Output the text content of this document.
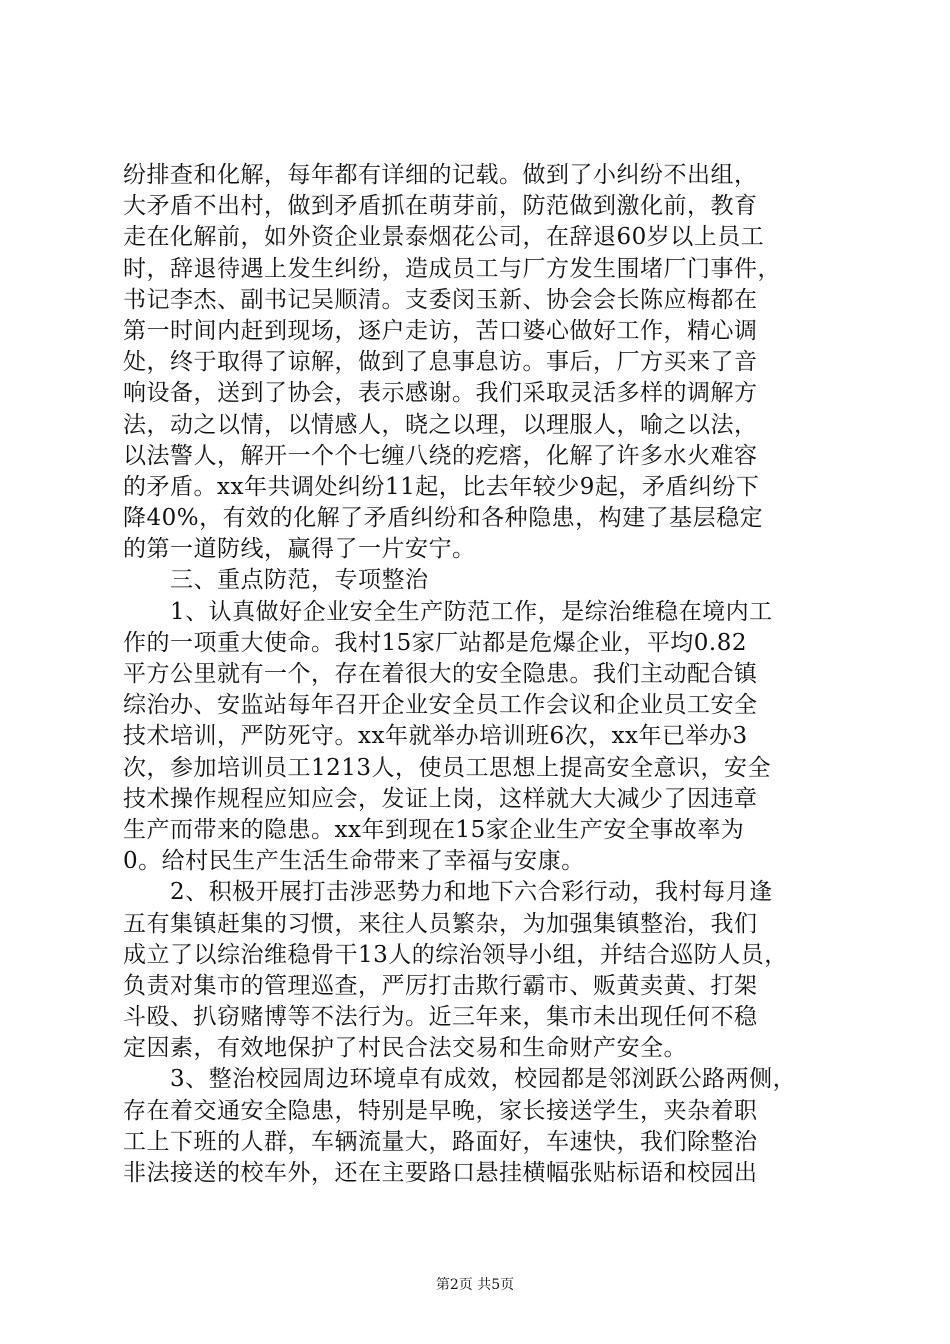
纷排查和化解，每年都有详细的记载。做到了小纠纷不出组，
大矛盾不出村，做到矛盾抓在萌芽前，防范做到激化前，教育
走在化解前，如外资企业景泰烟花公司，在辞退60岁以上员工
时，辞退待遇上发生纠纷，造成员工与厂方发生围堵厂门事件，
书记李杰、副书记吴顺清。支委闵玉新、协会会长陈应梅都在
第一时间内赶到现场，逐户走访，苦口婆心做好工作，精心调
处，终于取得了谅解，做到了息事息访。事后，厂方买来了音
响设备，送到了协会，表示感谢。我们采取灵活多样的调解方
法，动之以情，以情感人，晓之以理，以理服人，喻之以法，
以法警人，解开一个个七缠八绕的疙瘩，化解了许多水火难容
的矛盾。xx年共调处纠纷11起，比去年较少9起，矛盾纠纷下
降40%，有效的化解了矛盾纠纷和各种隐患，构建了基层稳定
的第一道防线，赢得了一片安宁。
　　三、重点防范，专项整治
　　1、认真做好企业安全生产防范工作，是综治维稳在境内工
作的一项重大使命。我村15家厂站都是危爆企业，平均0.82
平方公里就有一个，存在着很大的安全隐患。我们主动配合镇
综治办、安监站每年召开企业安全员工作会议和企业员工安全
技术培训，严防死守。xx年就举办培训班6次，xx年已举办3
次，参加培训员工1213人，使员工思想上提高安全意识，安全
技术操作规程应知应会，发证上岗，这样就大大减少了因违章
生产而带来的隐患。xx年到现在15家企业生产安全事故率为
0。给村民生产生活生命带来了幸福与安康。
　　2、积极开展打击涉恶势力和地下六合彩行动，我村每月逢
五有集镇赶集的习惯，来往人员繁杂，为加强集镇整治，我们
成立了以综治维稳骨干13人的综治领导小组，并结合巡防人员，
负责对集市的管理巡查，严厉打击欺行霸市、贩黄卖黄、打架
斗殴、扒窃赌博等不法行为。近三年来，集市未出现任何不稳
定因素，有效地保护了村民合法交易和生命财产安全。
　　3、整治校园周边环境卓有成效，校园都是邻浏跃公路两侧，
存在着交通安全隐患，特别是早晚，家长接送学生，夹杂着职
工上下班的人群，车辆流量大，路面好，车速快，我们除整治
非法接送的校车外，还在主要路口悬挂横幅张贴标语和校园出
第2页 共5页
